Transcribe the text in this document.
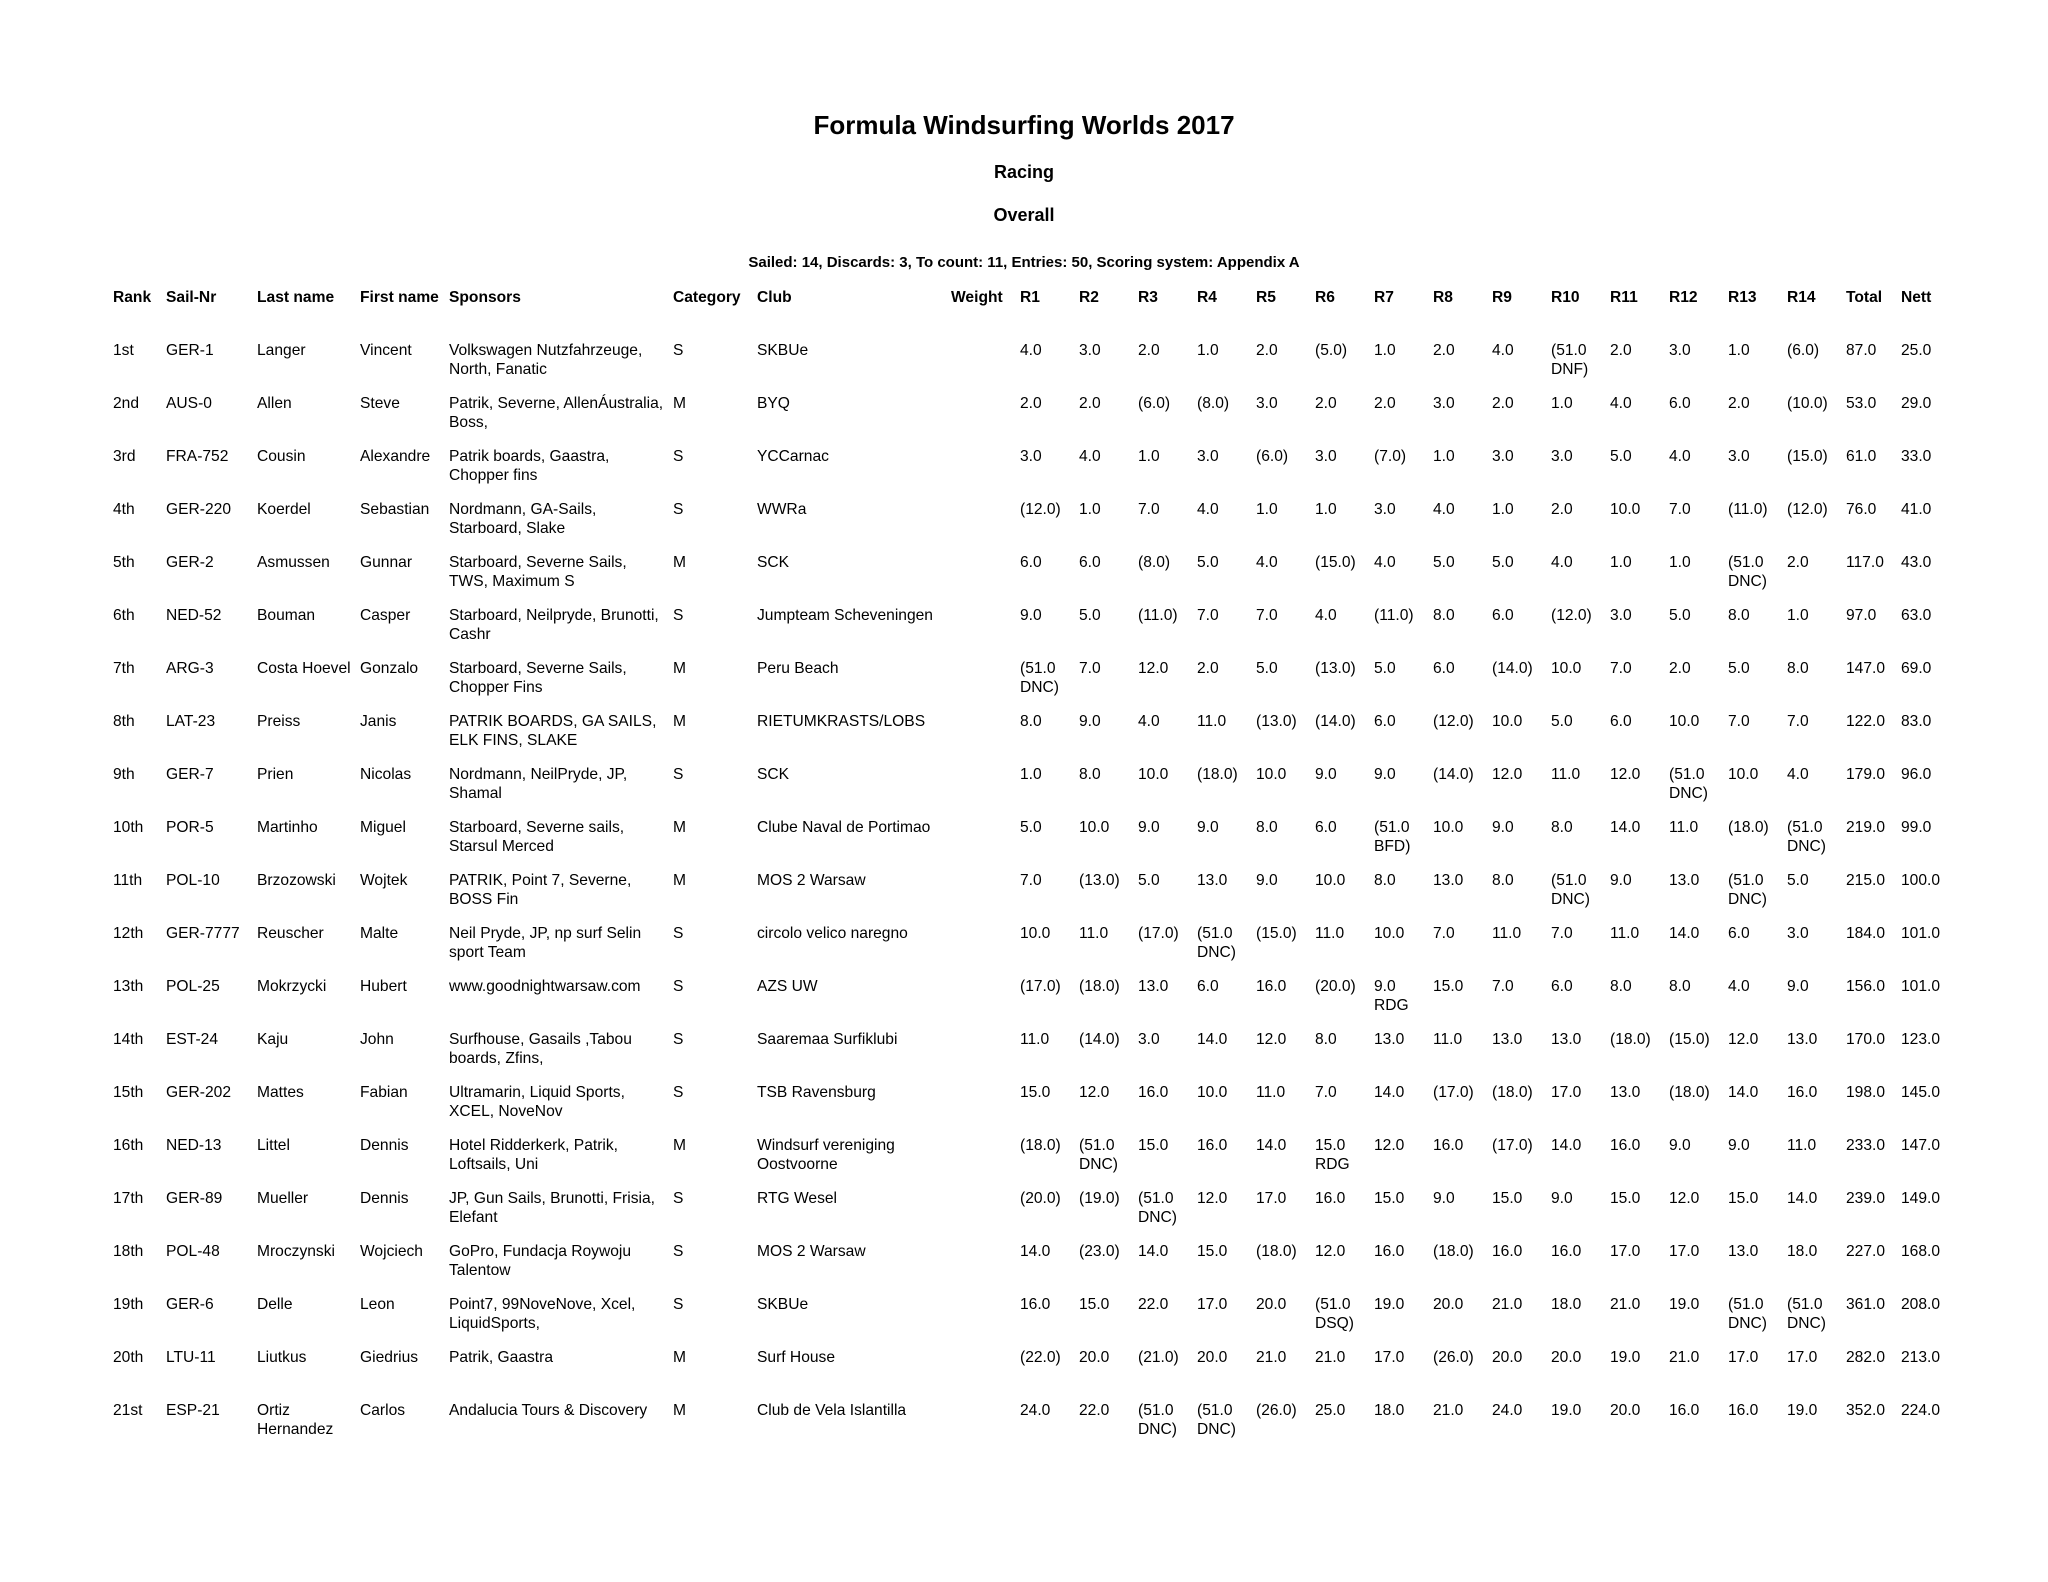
Formula Windsurfing Worlds 2017
Racing
Overall
Sailed: 14, Discards: 3, To count: 11, Entries: 50, Scoring system: Appendix A
Rank	Sail-Nr	Last name	First name	Sponsors	Category	Club	Weight	R1	R2	R3	R4	R5	R6	R7	R8	R9	R10	R11	R12	R13	R14	Total	Nett
1st	GER-1	Langer	Vincent	Volkswagen Nutzfahrzeuge, North, Fanatic	S	SKBUe		4.0	3.0	2.0	1.0	2.0	(5.0)	1.0	2.0	4.0	(51.0 DNF)	2.0	3.0	1.0	(6.0)	87.0	25.0
2nd	AUS-0	Allen	Steve	Patrik, Severne, AllenÁustralia, Boss,	M	BYQ		2.0	2.0	(6.0)	(8.0)	3.0	2.0	2.0	3.0	2.0	1.0	4.0	6.0	2.0	(10.0)	53.0	29.0
3rd	FRA-752	Cousin	Alexandre	Patrik boards, Gaastra, Chopper fins	S	YCCarnac		3.0	4.0	1.0	3.0	(6.0)	3.0	(7.0)	1.0	3.0	3.0	5.0	4.0	3.0	(15.0)	61.0	33.0
4th	GER-220	Koerdel	Sebastian	Nordmann, GA-Sails, Starboard, Slake	S	WWRa		(12.0)	1.0	7.0	4.0	1.0	1.0	3.0	4.0	1.0	2.0	10.0	7.0	(11.0)	(12.0)	76.0	41.0
5th	GER-2	Asmussen	Gunnar	Starboard, Severne Sails, TWS, Maximum S	M	SCK		6.0	6.0	(8.0)	5.0	4.0	(15.0)	4.0	5.0	5.0	4.0	1.0	1.0	(51.0 DNC)	2.0	117.0	43.0
6th	NED-52	Bouman	Casper	Starboard, Neilpryde, Brunotti, Cashr	S	Jumpteam Scheveningen		9.0	5.0	(11.0)	7.0	7.0	4.0	(11.0)	8.0	6.0	(12.0)	3.0	5.0	8.0	1.0	97.0	63.0
7th	ARG-3	Costa Hoevel	Gonzalo	Starboard, Severne Sails, Chopper Fins	M	Peru Beach		(51.0 DNC)	7.0	12.0	2.0	5.0	(13.0)	5.0	6.0	(14.0)	10.0	7.0	2.0	5.0	8.0	147.0	69.0
8th	LAT-23	Preiss	Janis	PATRIK BOARDS, GA SAILS, ELK FINS, SLAKE	M	RIETUMKRASTS/LOBS		8.0	9.0	4.0	11.0	(13.0)	(14.0)	6.0	(12.0)	10.0	5.0	6.0	10.0	7.0	7.0	122.0	83.0
9th	GER-7	Prien	Nicolas	Nordmann, NeilPryde, JP, Shamal	S	SCK		1.0	8.0	10.0	(18.0)	10.0	9.0	9.0	(14.0)	12.0	11.0	12.0	(51.0 DNC)	10.0	4.0	179.0	96.0
10th	POR-5	Martinho	Miguel	Starboard, Severne sails, Starsul Merced	M	Clube Naval de Portimao		5.0	10.0	9.0	9.0	8.0	6.0	(51.0 BFD)	10.0	9.0	8.0	14.0	11.0	(18.0)	(51.0 DNC)	219.0	99.0
11th	POL-10	Brzozowski	Wojtek	PATRIK, Point 7, Severne, BOSS Fin	M	MOS 2 Warsaw		7.0	(13.0)	5.0	13.0	9.0	10.0	8.0	13.0	8.0	(51.0 DNC)	9.0	13.0	(51.0 DNC)	5.0	215.0	100.0
12th	GER-7777	Reuscher	Malte	Neil Pryde, JP, np surf Selin sport Team	S	circolo velico naregno		10.0	11.0	(17.0)	(51.0 DNC)	(15.0)	11.0	10.0	7.0	11.0	7.0	11.0	14.0	6.0	3.0	184.0	101.0
13th	POL-25	Mokrzycki	Hubert	www.goodnightwarsaw.com	S	AZS UW		(17.0)	(18.0)	13.0	6.0	16.0	(20.0)	9.0 RDG	15.0	7.0	6.0	8.0	8.0	4.0	9.0	156.0	101.0
14th	EST-24	Kaju	John	Surfhouse, Gasails ,Tabou boards, Zfins,	S	Saaremaa Surfiklubi		11.0	(14.0)	3.0	14.0	12.0	8.0	13.0	11.0	13.0	13.0	(18.0)	(15.0)	12.0	13.0	170.0	123.0
15th	GER-202	Mattes	Fabian	Ultramarin, Liquid Sports, XCEL, NoveNov	S	TSB Ravensburg		15.0	12.0	16.0	10.0	11.0	7.0	14.0	(17.0)	(18.0)	17.0	13.0	(18.0)	14.0	16.0	198.0	145.0
16th	NED-13	Littel	Dennis	Hotel Ridderkerk, Patrik, Loftsails, Uni	M	Windsurf vereniging Oostvoorne		(18.0)	(51.0 DNC)	15.0	16.0	14.0	15.0 RDG	12.0	16.0	(17.0)	14.0	16.0	9.0	9.0	11.0	233.0	147.0
17th	GER-89	Mueller	Dennis	JP, Gun Sails, Brunotti, Frisia, Elefant	S	RTG Wesel		(20.0)	(19.0)	(51.0 DNC)	12.0	17.0	16.0	15.0	9.0	15.0	9.0	15.0	12.0	15.0	14.0	239.0	149.0
18th	POL-48	Mroczynski	Wojciech	GoPro, Fundacja Roywoju Talentow	S	MOS 2 Warsaw		14.0	(23.0)	14.0	15.0	(18.0)	12.0	16.0	(18.0)	16.0	16.0	17.0	17.0	13.0	18.0	227.0	168.0
19th	GER-6	Delle	Leon	Point7, 99NoveNove, Xcel, LiquidSports,	S	SKBUe		16.0	15.0	22.0	17.0	20.0	(51.0 DSQ)	19.0	20.0	21.0	18.0	21.0	19.0	(51.0 DNC)	(51.0 DNC)	361.0	208.0
20th	LTU-11	Liutkus	Giedrius	Patrik, Gaastra	M	Surf House		(22.0)	20.0	(21.0)	20.0	21.0	21.0	17.0	(26.0)	20.0	20.0	19.0	21.0	17.0	17.0	282.0	213.0
21st	ESP-21	Ortiz Hernandez	Carlos	Andalucia Tours & Discovery	M	Club de Vela Islantilla		24.0	22.0	(51.0 DNC)	(51.0 DNC)	(26.0)	25.0	18.0	21.0	24.0	19.0	20.0	16.0	16.0	19.0	352.0	224.0
